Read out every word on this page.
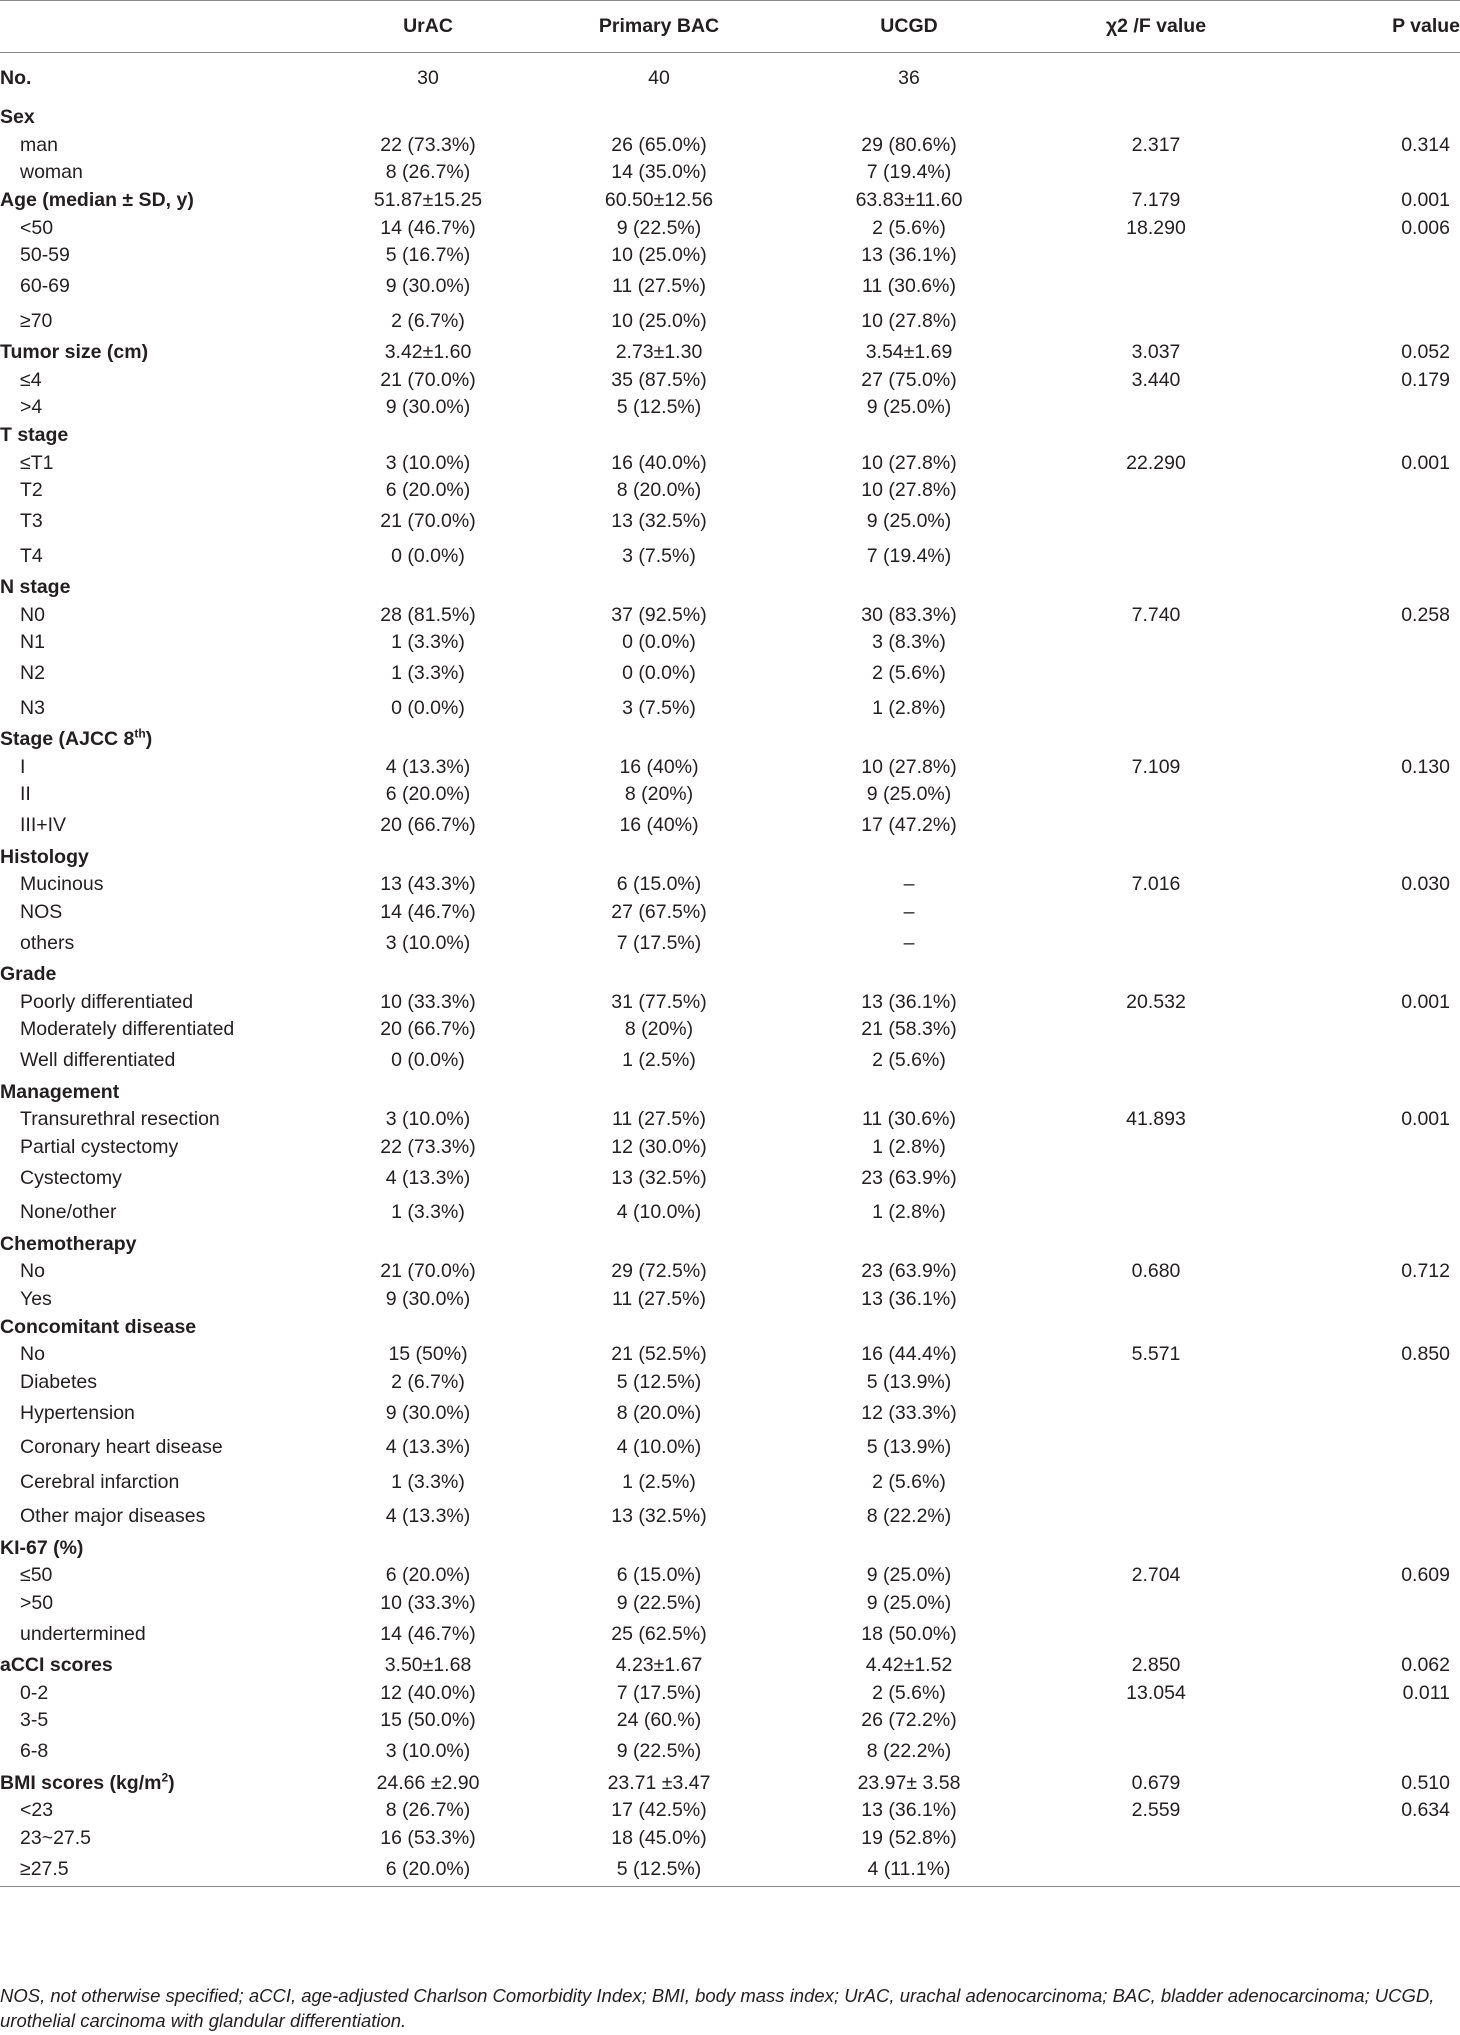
	UrAC	Primary BAC	UCGD	χ2 /F value	P value
No.	30	40	36		
Sex					
man	22 (73.3%)	26 (65.0%)	29 (80.6%)	2.317	0.314
woman	8 (26.7%)	14 (35.0%)	7 (19.4%)		
Age (median ± SD, y)	51.87±15.25	60.50±12.56	63.83±11.60	7.179	0.001
<50	14 (46.7%)	9 (22.5%)	2 (5.6%)	18.290	0.006
50-59	5 (16.7%)	10 (25.0%)	13 (36.1%)		
60-69	9 (30.0%)	11 (27.5%)	11 (30.6%)		
≥70	2 (6.7%)	10 (25.0%)	10 (27.8%)		
Tumor size (cm)	3.42±1.60	2.73±1.30	3.54±1.69	3.037	0.052
≤4	21 (70.0%)	35 (87.5%)	27 (75.0%)	3.440	0.179
>4	9 (30.0%)	5 (12.5%)	9 (25.0%)		
T stage					
≤T1	3 (10.0%)	16 (40.0%)	10 (27.8%)	22.290	0.001
T2	6 (20.0%)	8 (20.0%)	10 (27.8%)		
T3	21 (70.0%)	13 (32.5%)	9 (25.0%)		
T4	0 (0.0%)	3 (7.5%)	7 (19.4%)		
N stage					
N0	28 (81.5%)	37 (92.5%)	30 (83.3%)	7.740	0.258
N1	1 (3.3%)	0 (0.0%)	3 (8.3%)		
N2	1 (3.3%)	0 (0.0%)	2 (5.6%)		
N3	0 (0.0%)	3 (7.5%)	1 (2.8%)		
Stage (AJCC 8th)					
I	4 (13.3%)	16 (40%)	10 (27.8%)	7.109	0.130
II	6 (20.0%)	8 (20%)	9 (25.0%)		
III+IV	20 (66.7%)	16 (40%)	17 (47.2%)		
Histology					
Mucinous	13 (43.3%)	6 (15.0%)	–	7.016	0.030
NOS	14 (46.7%)	27 (67.5%)	–		
others	3 (10.0%)	7 (17.5%)	–		
Grade					
Poorly differentiated	10 (33.3%)	31 (77.5%)	13 (36.1%)	20.532	0.001
Moderately differentiated	20 (66.7%)	8 (20%)	21 (58.3%)		
Well differentiated	0 (0.0%)	1 (2.5%)	2 (5.6%)		
Management					
Transurethral resection	3 (10.0%)	11 (27.5%)	11 (30.6%)	41.893	0.001
Partial cystectomy	22 (73.3%)	12 (30.0%)	1 (2.8%)		
Cystectomy	4 (13.3%)	13 (32.5%)	23 (63.9%)		
None/other	1 (3.3%)	4 (10.0%)	1 (2.8%)		
Chemotherapy					
No	21 (70.0%)	29 (72.5%)	23 (63.9%)	0.680	0.712
Yes	9 (30.0%)	11 (27.5%)	13 (36.1%)		
Concomitant disease					
No	15 (50%)	21 (52.5%)	16 (44.4%)	5.571	0.850
Diabetes	2 (6.7%)	5 (12.5%)	5 (13.9%)		
Hypertension	9 (30.0%)	8 (20.0%)	12 (33.3%)		
Coronary heart disease	4 (13.3%)	4 (10.0%)	5 (13.9%)		
Cerebral infarction	1 (3.3%)	1 (2.5%)	2 (5.6%)		
Other major diseases	4 (13.3%)	13 (32.5%)	8 (22.2%)		
KI-67 (%)					
≤50	6 (20.0%)	6 (15.0%)	9 (25.0%)	2.704	0.609
>50	10 (33.3%)	9 (22.5%)	9 (25.0%)		
undertermined	14 (46.7%)	25 (62.5%)	18 (50.0%)		
aCCI scores	3.50±1.68	4.23±1.67	4.42±1.52	2.850	0.062
0-2	12 (40.0%)	7 (17.5%)	2 (5.6%)	13.054	0.011
3-5	15 (50.0%)	24 (60.%)	26 (72.2%)		
6-8	3 (10.0%)	9 (22.5%)	8 (22.2%)		
BMI scores $(kg/m^2)$	24.66 ±2.90	23.71 ±3.47	23.97± 3.58	0.679	0.510
<23	8 (26.7%)	17 (42.5%)	13 (36.1%)	2.559	0.634
23~27.5	16 (53.3%)	18 (45.0%)	19 (52.8%)		
≥27.5	6 (20.0%)	5 (12.5%)	4 (11.1%)		
NOS, not otherwise specified; aCCI, age-adjusted Charlson Comorbidity Index; BMI, body mass index; UrAC, urachal adenocarcinoma; BAC, bladder adenocarcinoma; UCGD, urothelial carcinoma with glandular differentiation.
